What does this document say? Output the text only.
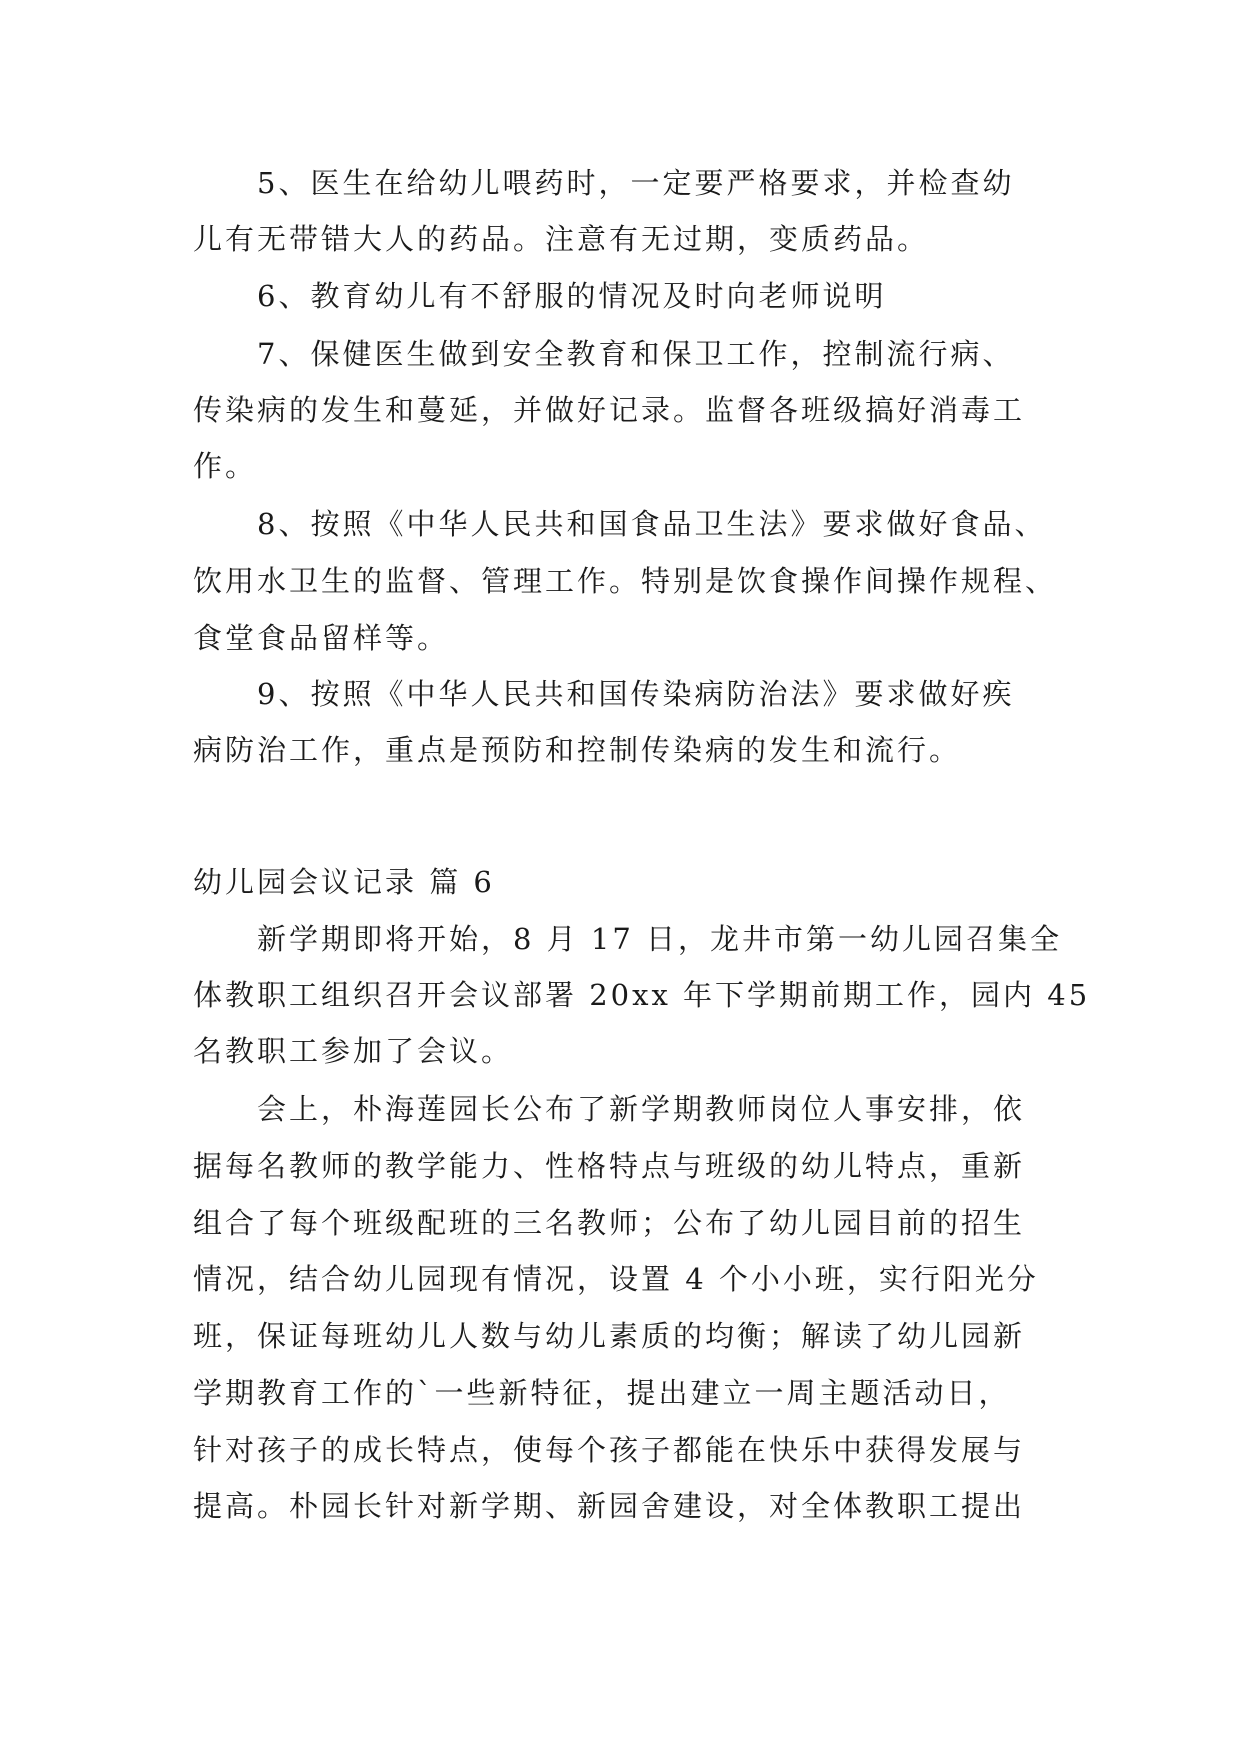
5、医生在给幼儿喂药时，一定要严格要求，并检查幼
儿有无带错大人的药品。注意有无过期，变质药品。
6、教育幼儿有不舒服的情况及时向老师说明
7、保健医生做到安全教育和保卫工作，控制流行病、
传染病的发生和蔓延，并做好记录。监督各班级搞好消毒工
作。
8、按照《中华人民共和国食品卫生法》要求做好食品、
饮用水卫生的监督、管理工作。特别是饮食操作间操作规程、
食堂食品留样等。
9、按照《中华人民共和国传染病防治法》要求做好疾
病防治工作，重点是预防和控制传染病的发生和流行。
幼儿园会议记录 篇 6
新学期即将开始，8 月 17 日，龙井市第一幼儿园召集全
体教职工组织召开会议部署 20xx 年下学期前期工作，园内 45
名教职工参加了会议。
会上，朴海莲园长公布了新学期教师岗位人事安排，依
据每名教师的教学能力、性格特点与班级的幼儿特点，重新
组合了每个班级配班的三名教师；公布了幼儿园目前的招生
情况，结合幼儿园现有情况，设置 4 个小小班，实行阳光分
班，保证每班幼儿人数与幼儿素质的均衡；解读了幼儿园新
学期教育工作的`一些新特征，提出建立一周主题活动日，
针对孩子的成长特点，使每个孩子都能在快乐中获得发展与
提高。朴园长针对新学期、新园舍建设，对全体教职工提出
